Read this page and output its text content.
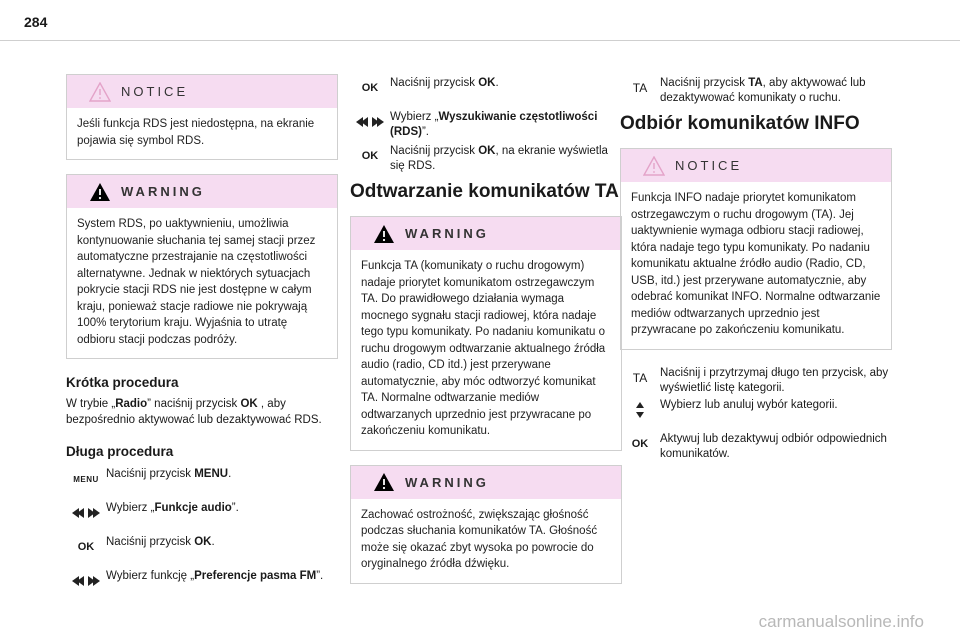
284
NOTICE
Jeśli funkcja RDS jest niedostępna, na ekranie pojawia się symbol RDS.
WARNING
System RDS, po uaktywnieniu, umożliwia kontynuowanie słuchania tej samej stacji przez automatyczne przestrajanie na częstotliwości alternatywne. Jednak w niektórych sytuacjach pokrycie stacji RDS nie jest dostępne w całym kraju, ponieważ stacje radiowe nie pokrywają 100% terytorium kraju. Wyjaśnia to utratę odbioru stacji podczas podróży.
Krótka procedura

W trybie „Radio” naciśnij przycisk OK , aby bezpośrednio aktywować lub dezaktywować RDS.

Długa procedura
MENU Naciśnij przycisk MENU.
Wybierz „Funkcje audio”.
OK	Naciśnij przycisk OK.
Wybierz funkcję „Preferencje pasma FM”.
OK	Naciśnij przycisk OK.
Wybierz „Wyszukiwanie częstotliwości (RDS)”.
OK	Naciśnij przycisk OK, na ekranie wyświetla się RDS.
Odtwarzanie komunikatów TA
WARNING
Funkcja TA (komunikaty o ruchu drogowym) nadaje priorytet komunikatom ostrzegawczym TA. Do prawidłowego działania wymaga mocnego sygnału stacji radiowej, która nadaje tego typu komunikaty. Po nadaniu komunikatu o ruchu drogowym odtwarzanie aktualnego źródła audio (radio, CD itd.) jest przerywane automatycznie, aby móc odtworzyć komunikat TA. Normalne odtwarzanie mediów odtwarzanych uprzednio jest przywracane po zakończeniu komunikatu.
WARNING
Zachować ostrożność, zwiększając głośność podczas słuchania komunikatów TA. Głośność może się okazać zbyt wysoka po powrocie do oryginalnego źródła dźwięku.
TA	Naciśnij przycisk TA, aby aktywować lub dezaktywować komunikaty o ruchu.
Odbiór komunikatów INFO
NOTICE
Funkcja INFO nadaje priorytet komunikatom ostrzegawczym o ruchu drogowym (TA). Jej uaktywnienie wymaga odbioru stacji radiowej, która nadaje tego typu komunikaty. Po nadaniu komunikatu aktualne źródło audio (Radio, CD, USB, itd.) jest przerywane automatycznie, aby odebrać komunikat INFO. Normalne odtwarzanie mediów odtwarzanych uprzednio jest przywracane po zakończeniu komunikatu.
TA	Naciśnij i przytrzymaj długo ten przycisk, aby wyświetlić listę kategorii.
Wybierz lub anuluj wybór kategorii.
OK	Aktywuj lub dezaktywuj odbiór odpowiednich komunikatów.
carmanualsonline.info
